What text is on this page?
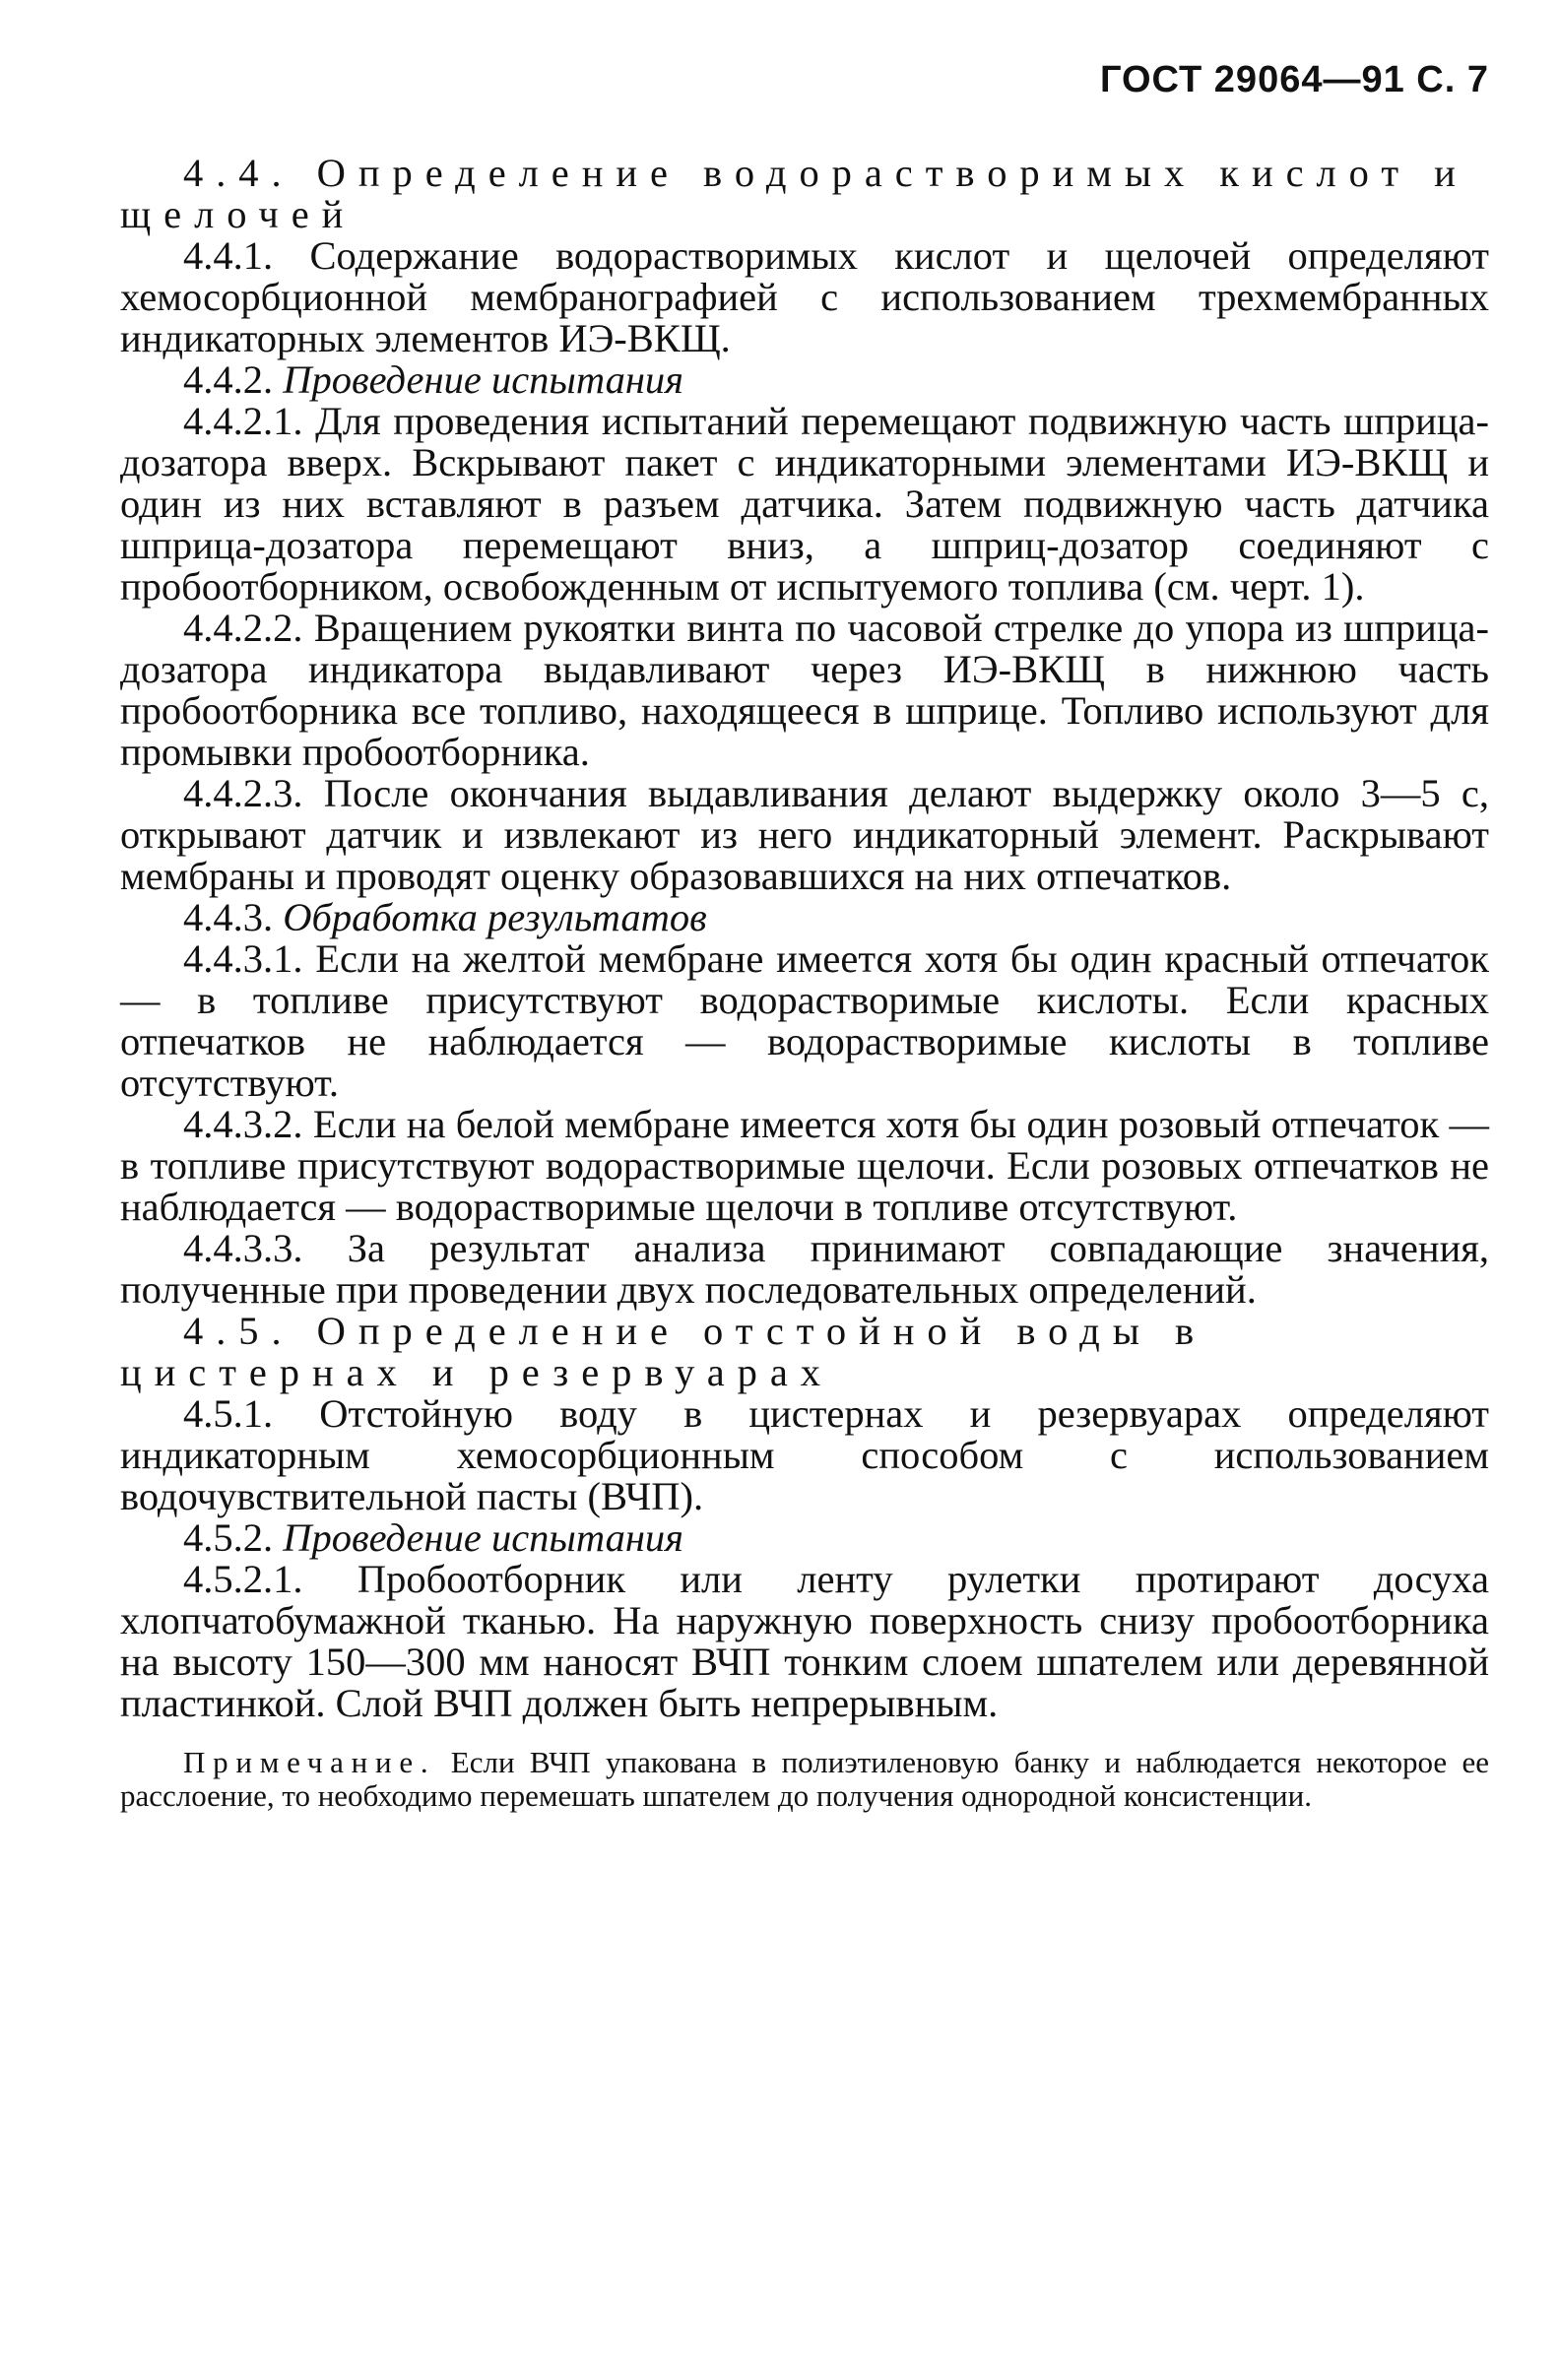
ГОСТ 29064—91 С. 7

4.4. Определение водорастворимых кислот и щелочей

4.4.1. Содержание водорастворимых кислот и щелочей определяют хемосорбционной мембранографией с использованием трехмембранных индикаторных элементов ИЭ-ВКЩ.

4.4.2. Проведение испытания

4.4.2.1. Для проведения испытаний перемещают подвижную часть шприца-дозатора вверх. Вскрывают пакет с индикаторными элементами ИЭ-ВКЩ и один из них вставляют в разъем датчика. Затем подвижную часть датчика шприца-дозатора перемещают вниз, а шприц-дозатор соединяют с пробоотборником, освобожденным от испытуемого топлива (см. черт. 1).

4.4.2.2. Вращением рукоятки винта по часовой стрелке до упора из шприца-дозатора индикатора выдавливают через ИЭ-ВКЩ в нижнюю часть пробоотборника все топливо, находящееся в шприце. Топливо используют для промывки пробоотборника.

4.4.2.3. После окончания выдавливания делают выдержку около 3—5 с, открывают датчик и извлекают из него индикаторный элемент. Раскрывают мембраны и проводят оценку образовавшихся на них отпечатков.

4.4.3. Обработка результатов

4.4.3.1. Если на желтой мембране имеется хотя бы один красный отпечаток — в топливе присутствуют водорастворимые кислоты. Если красных отпечатков не наблюдается — водорастворимые кислоты в топливе отсутствуют.

4.4.3.2. Если на белой мембране имеется хотя бы один розовый отпечаток — в топливе присутствуют водорастворимые щелочи. Если розовых отпечатков не наблюдается — водорастворимые щелочи в топливе отсутствуют.

4.4.3.3. За результат анализа принимают совпадающие значения, полученные при проведении двух последовательных определений.

4.5. Определение отстойной воды в цистернах и резервуарах

4.5.1. Отстойную воду в цистернах и резервуарах определяют индикаторным хемосорбционным способом с использованием водочувствительной пасты (ВЧП).

4.5.2. Проведение испытания

4.5.2.1. Пробоотборник или ленту рулетки протирают досуха хлопчатобумажной тканью. На наружную поверхность снизу пробоотборника на высоту 150—300 мм наносят ВЧП тонким слоем шпателем или деревянной пластинкой. Слой ВЧП должен быть непрерывным.

Примечание. Если ВЧП упакована в полиэтиленовую банку и наблюдается некоторое ее расслоение, то необходимо перемешать шпателем до получения однородной консистенции.
